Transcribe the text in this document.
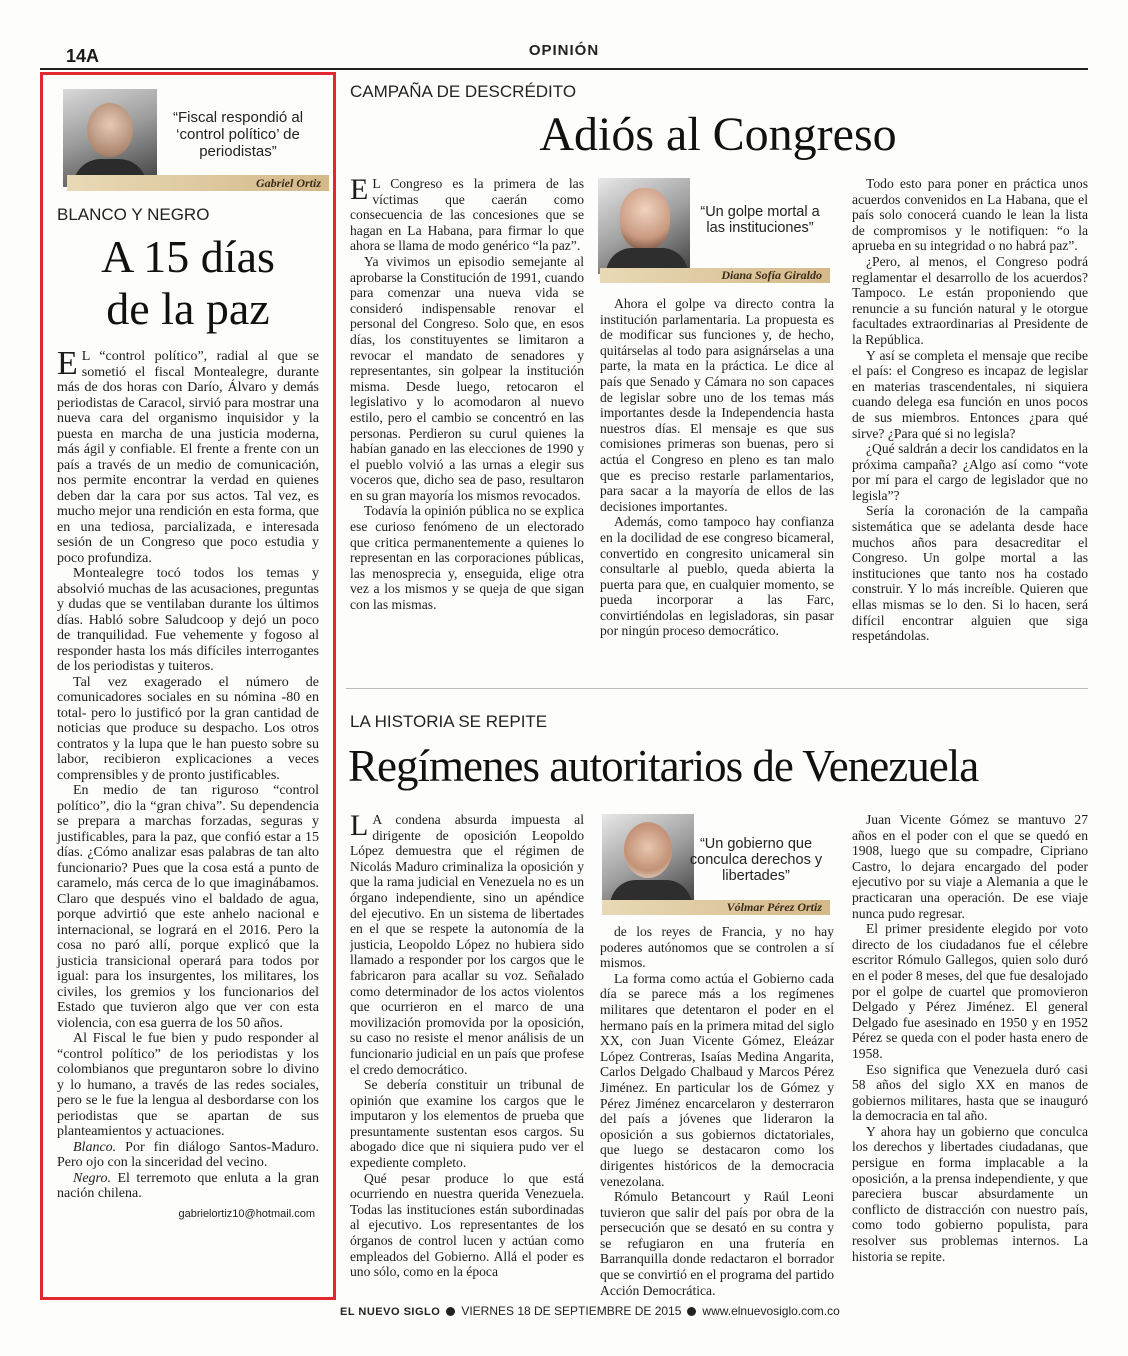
14A	OPINIÓN
“Fiscal respondió al ‘control político’ de periodistas”
Gabriel Ortiz
BLANCO Y NEGRO
A 15 días
de la paz

E L “control político”, radial al que se sometió el fiscal Montealegre, durante más de dos horas con Darío, Álvaro y demás periodistas de Caracol, sirvió para mostrar una nueva cara del organismo inquisidor y la puesta en marcha de una justicia moderna, más ágil y confiable. El frente a frente con un país a través de un medio de comunicación, nos permite encontrar la verdad en quienes deben dar la cara por sus actos. Tal vez, es mucho mejor una rendición en esta forma, que en una tediosa, parcializada, e interesada sesión de un Congreso que poco estudia y poco profundiza.

Montealegre tocó todos los temas y absolvió muchas de las acusaciones, preguntas y dudas que se ventilaban durante los últimos días. Habló sobre Saludcoop y dejó un poco de tranquilidad. Fue vehemente y fogoso al responder hasta los más difíciles interrogantes de los periodistas y tuiteros.

Tal vez exagerado el número de comunicadores sociales en su nómina -80 en total- pero lo justificó por la gran cantidad de noticias que produce su despacho. Los otros contratos y la lupa que le han puesto sobre su labor, recibieron explicaciones a veces comprensibles y de pronto justificables.

En medio de tan riguroso “control político”, dio la “gran chiva”. Su dependencia se prepara a marchas forzadas, seguras y justificables, para la paz, que confió estar a 15 días. ¿Cómo analizar esas palabras de tan alto funcionario? Pues que la cosa está a punto de caramelo, más cerca de lo que imaginábamos. Claro que después vino el baldado de agua, porque advirtió que este anhelo nacional e internacional, se logrará en el 2016. Pero la cosa no paró allí, porque explicó que la justicia transicional operará para todos por igual: para los insurgentes, los militares, los civiles, los gremios y los funcionarios del Estado que tuvieron algo que ver con esta violencia, con esa guerra de los 50 años.

Al Fiscal le fue bien y pudo responder al “control político” de los periodistas y los colombianos que preguntaron sobre lo divino y lo humano, a través de las redes sociales, pero se le fue la lengua al desbordarse con los periodistas que se apartan de sus planteamientos y actuaciones.

Blanco. Por fin diálogo Santos-Maduro. Pero ojo con la sinceridad del vecino.

Negro. El terremoto que enluta a la gran nación chilena.

gabrielortiz10@hotmail.com
CAMPAÑA DE DESCRÉDITO
Adiós al Congreso

E L Congreso es la primera de las víctimas que caerán como consecuencia de las concesiones que se hagan en La Habana, para firmar lo que ahora se llama de modo genérico “la paz”.

Ya vivimos un episodio semejante al aprobarse la Constitución de 1991, cuando para comenzar una nueva vida se consideró indispensable renovar el personal del Congreso. Solo que, en esos días, los constituyentes se limitaron a revocar el mandato de senadores y representantes, sin golpear la institución misma. Desde luego, retocaron el legislativo y lo acomodaron al nuevo estilo, pero el cambio se concentró en las personas. Perdieron su curul quienes la habían ganado en las elecciones de 1990 y el pueblo volvió a las urnas a elegir sus voceros que, dicho sea de paso, resultaron en su gran mayoría los mismos revocados.

Todavía la opinión pública no se explica ese curioso fenómeno de un electorado que critica permanentemente a quienes lo representan en las corporaciones públicas, las menosprecia y, enseguida, elige otra vez a los mismos y se queja de que sigan con las mismas.

“Un golpe mortal a las instituciones”
Diana Sofía Giraldo

Ahora el golpe va directo contra la institución parlamentaria. La propuesta es de modificar sus funciones y, de hecho, quitárselas al todo para asignárselas a una parte, la mata en la práctica. Le dice al país que Senado y Cámara no son capaces de legislar sobre uno de los temas más importantes desde la Independencia hasta nuestros días. El mensaje es que sus comisiones primeras son buenas, pero si actúa el Congreso en pleno es tan malo que es preciso restarle parlamentarios, para sacar a la mayoría de ellos de las decisiones importantes.

Además, como tampoco hay confianza en la docilidad de ese congreso bicameral, convertido en congresito unicameral sin consultarle al pueblo, queda abierta la puerta para que, en cualquier momento, se pueda incorporar a las Farc, convirtiéndolas en legisladoras, sin pasar por ningún proceso democrático.

Todo esto para poner en práctica unos acuerdos convenidos en La Habana, que el país solo conocerá cuando le lean la lista de compromisos y le notifiquen: “o la aprueba en su integridad o no habrá paz”.

¿Pero, al menos, el Congreso podrá reglamentar el desarrollo de los acuerdos? Tampoco. Le están proponiendo que renuncie a su función natural y le otorgue facultades extraordinarias al Presidente de la República.

Y así se completa el mensaje que recibe el país: el Congreso es incapaz de legislar en materias trascendentales, ni siquiera cuando delega esa función en unos pocos de sus miembros. Entonces ¿para qué sirve? ¿Para qué si no legisla?

¿Qué saldrán a decir los candidatos en la próxima campaña? ¿Algo así como “vote por mí para el cargo de legislador que no legisla”?

Sería la coronación de la campaña sistemática que se adelanta desde hace muchos años para desacreditar el Congreso. Un golpe mortal a las instituciones que tanto nos ha costado construir. Y lo más increíble. Quieren que ellas mismas se lo den. Si lo hacen, será difícil encontrar alguien que siga respetándolas.

LA HISTORIA SE REPITE
Regímenes autoritarios de Venezuela

L A condena absurda impuesta al dirigente de oposición Leopoldo López demuestra que el régimen de Nicolás Maduro criminaliza la oposición y que la rama judicial en Venezuela no es un órgano independiente, sino un apéndice del ejecutivo. En un sistema de libertades en el que se respete la autonomía de la justicia, Leopoldo López no hubiera sido llamado a responder por los cargos que le fabricaron para acallar su voz. Señalado como determinador de los actos violentos que ocurrieron en el marco de una movilización promovida por la oposición, su caso no resiste el menor análisis de un funcionario judicial en un país que profese el credo democrático.

Se debería constituir un tribunal de opinión que examine los cargos que le imputaron y los elementos de prueba que presuntamente sustentan esos cargos. Su abogado dice que ni siquiera pudo ver el expediente completo.

Qué pesar produce lo que está ocurriendo en nuestra querida Venezuela. Todas las instituciones están subordinadas al ejecutivo. Los representantes de los órganos de control lucen y actúan como empleados del Gobierno. Allá el poder es uno sólo, como en la época

“Un gobierno que conculca derechos y libertades”
Vólmar Pérez Ortiz

de los reyes de Francia, y no hay poderes autónomos que se controlen a sí mismos.

La forma como actúa el Gobierno cada día se parece más a los regímenes militares que detentaron el poder en el hermano país en la primera mitad del siglo XX, con Juan Vicente Gómez, Eleázar López Contreras, Isaías Medina Angarita, Carlos Delgado Chalbaud y Marcos Pérez Jiménez. En particular los de Gómez y Pérez Jiménez encarcelaron y desterraron del país a jóvenes que lideraron la oposición a sus gobiernos dictatoriales, que luego se destacaron como los dirigentes históricos de la democracia venezolana.

Rómulo Betancourt y Raúl Leoni tuvieron que salir del país por obra de la persecución que se desató en su contra y se refugiaron en una frutería en Barranquilla donde redactaron el borrador que se convirtió en el programa del partido Acción Democrática.

Juan Vicente Gómez se mantuvo 27 años en el poder con el que se quedó en 1908, luego que su compadre, Cipriano Castro, lo dejara encargado del poder ejecutivo por su viaje a Alemania a que le practicaran una operación. De ese viaje nunca pudo regresar.

El primer presidente elegido por voto directo de los ciudadanos fue el célebre escritor Rómulo Gallegos, quien solo duró en el poder 8 meses, del que fue desalojado por el golpe de cuartel que promovieron Delgado y Pérez Jiménez. El general Delgado fue asesinado en 1950 y en 1952 Pérez se queda con el poder hasta enero de 1958.

Eso significa que Venezuela duró casi 58 años del siglo XX en manos de gobiernos militares, hasta que se inauguró la democracia en tal año.

Y ahora hay un gobierno que conculca los derechos y libertades ciudadanas, que persigue en forma implacable a la oposición, a la prensa independiente, y que pareciera buscar absurdamente un conflicto de distracción con nuestro país, como todo gobierno populista, para resolver sus problemas internos. La historia se repite.

EL NUEVO SIGLO VIERNES 18 DE SEPTIEMBRE DE 2015 www.elnuevosiglo.com.co
